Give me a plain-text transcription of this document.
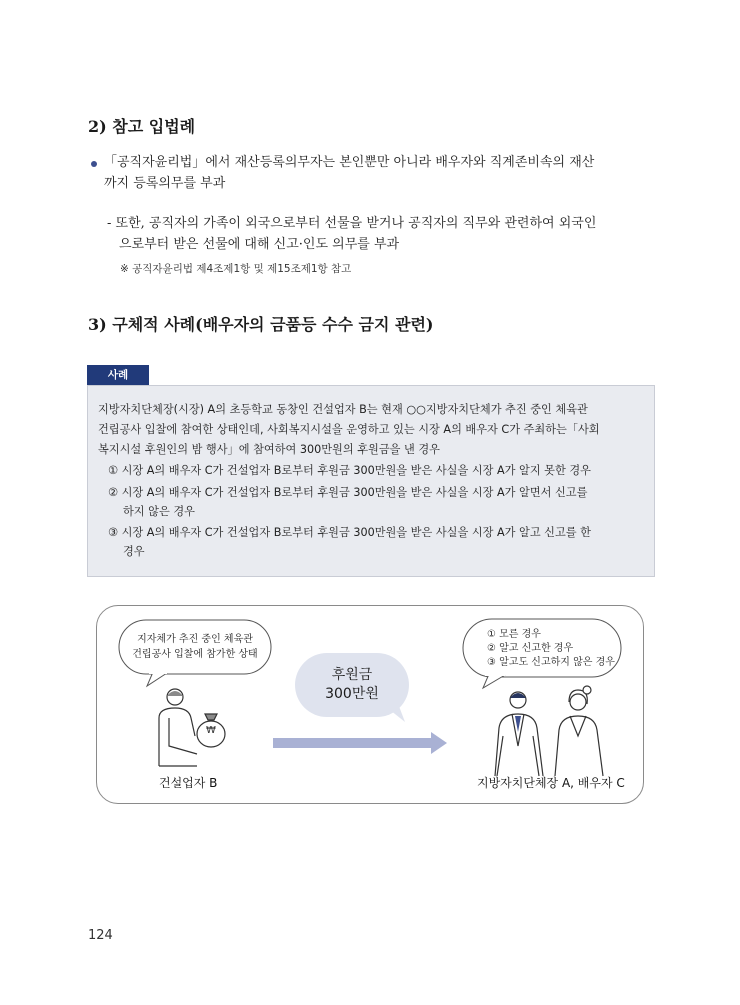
2) 참고 입법례
「공직자윤리법」에서 재산등록의무자는 본인뿐만 아니라 배우자와 직계존비속의 재산
까지 등록의무를 부과
- 또한, 공직자의 가족이 외국으로부터 선물을 받거나 공직자의 직무와 관련하여 외국인
으로부터 받은 선물에 대해 신고·인도 의무를 부과
※ 공직자윤리법 제4조제1항 및 제15조제1항 참고
3) 구체적 사례(배우자의 금품등 수수 금지 관련)
사례
지방자치단체장(시장) A의 초등학교 동창인 건설업자 B는 현재 ○○지방자치단체가 추진 중인 체육관
건립공사 입찰에 참여한 상태인데, 사회복지시설을 운영하고 있는 시장 A의 배우자 C가 주최하는「사회
복지시설 후원인의 밤 행사」에 참여하여 300만원의 후원금을 낸 경우
① 시장 A의 배우자 C가 건설업자 B로부터 후원금 300만원을 받은 사실을 시장 A가 알지 못한 경우
② 시장 A의 배우자 C가 건설업자 B로부터 후원금 300만원을 받은 사실을 시장 A가 알면서 신고를
하지 않은 경우
③ 시장 A의 배우자 C가 건설업자 B로부터 후원금 300만원을 받은 사실을 시장 A가 알고 신고를 한
경우
지자체가 추진 중인 체육관
건립공사 입찰에 참가한 상태
후원금
300만원
① 모른 경우
② 알고 신고한 경우
③ 알고도 신고하지 않은 경우
₩
건설업자 B	지방자치단체장 A, 배우자 C
124
